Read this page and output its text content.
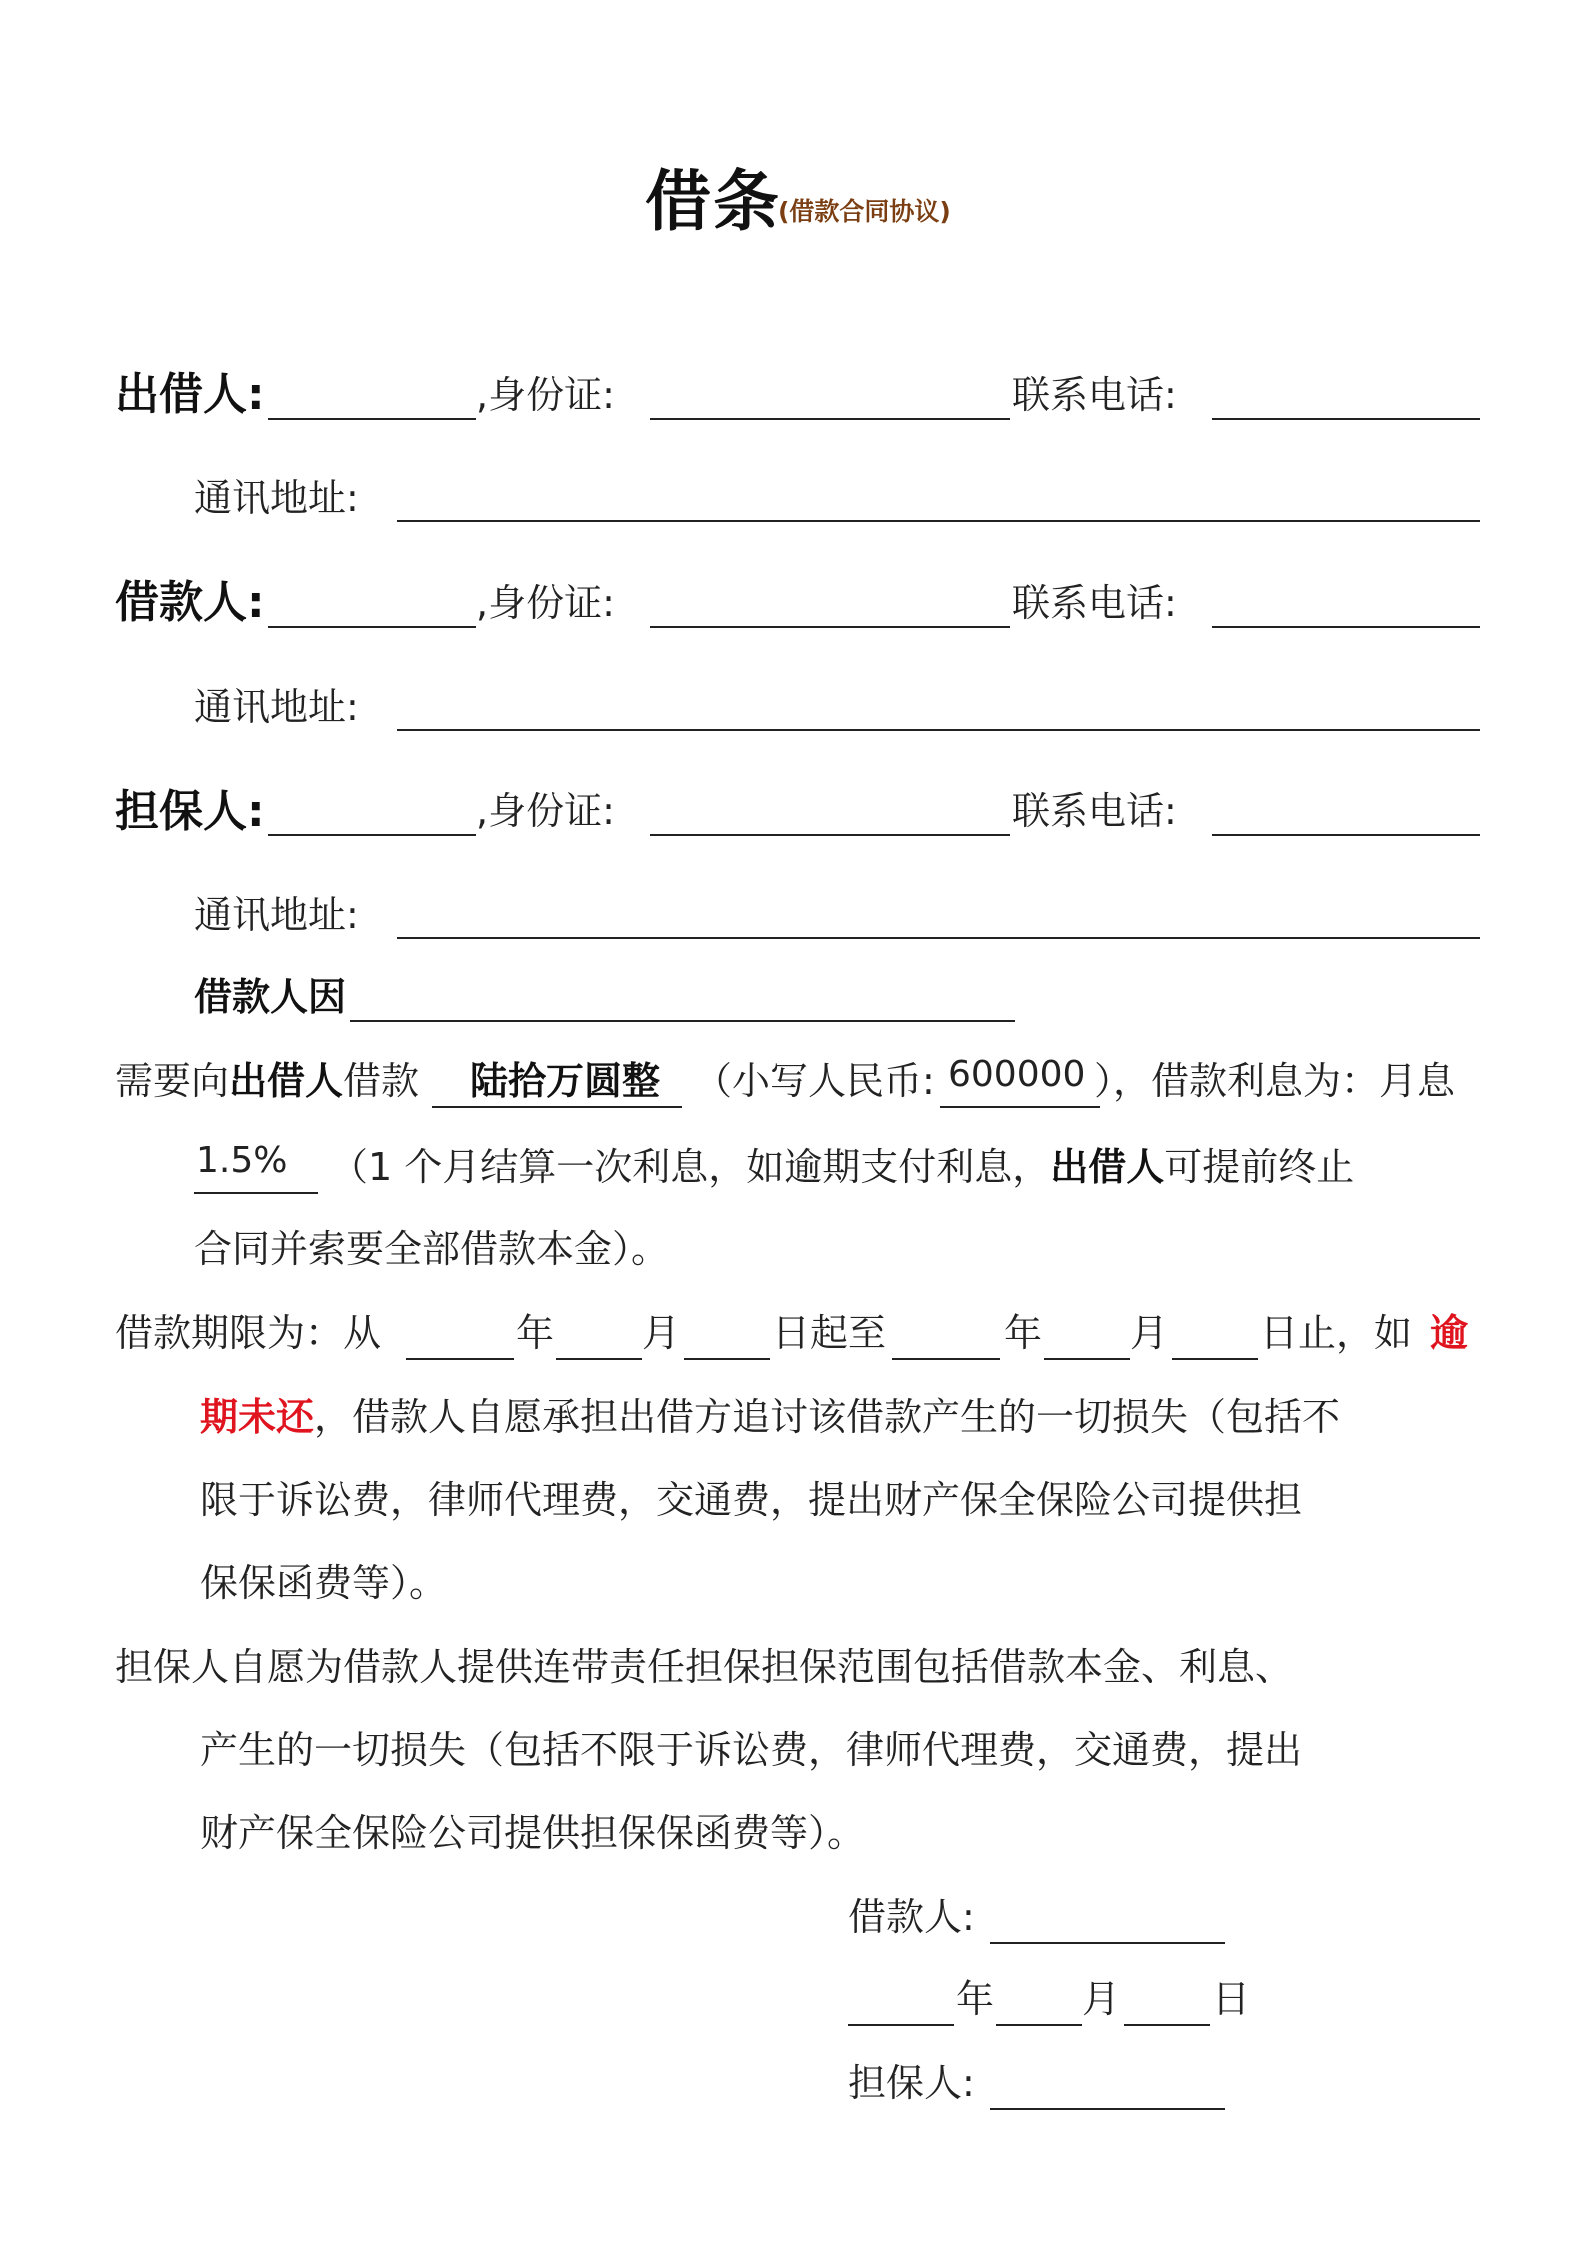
借条
(借款合同协议)
出借人:	,身份证:	联系电话:
通讯地址:
借款人:	,身份证:	联系电话:
通讯地址:
担保人:	,身份证:	联系电话:
通讯地址:
借款人因
需要向出借人借款 陆拾万圆整 （小写人民币: 600000 ），借款利息为：月息
1.5% （1 个月结算一次利息，如逾期支付利息，出借人可提前终止
合同并索要全部借款本金）。
借款期限为：从	年 月 日起至	年 月 日止，如 逾
期未还，借款人自愿承担出借方追讨该借款产生的一切损失（包括不
限于诉讼费，律师代理费，交通费，提出财产保全保险公司提供担
保保函费等）。
担保人自愿为借款人提供连带责任担保担保范围包括借款本金、利息、
产生的一切损失（包括不限于诉讼费，律师代理费，交通费，提出
财产保全保险公司提供担保保函费等）。
借款人:
年 月 日
担保人:
